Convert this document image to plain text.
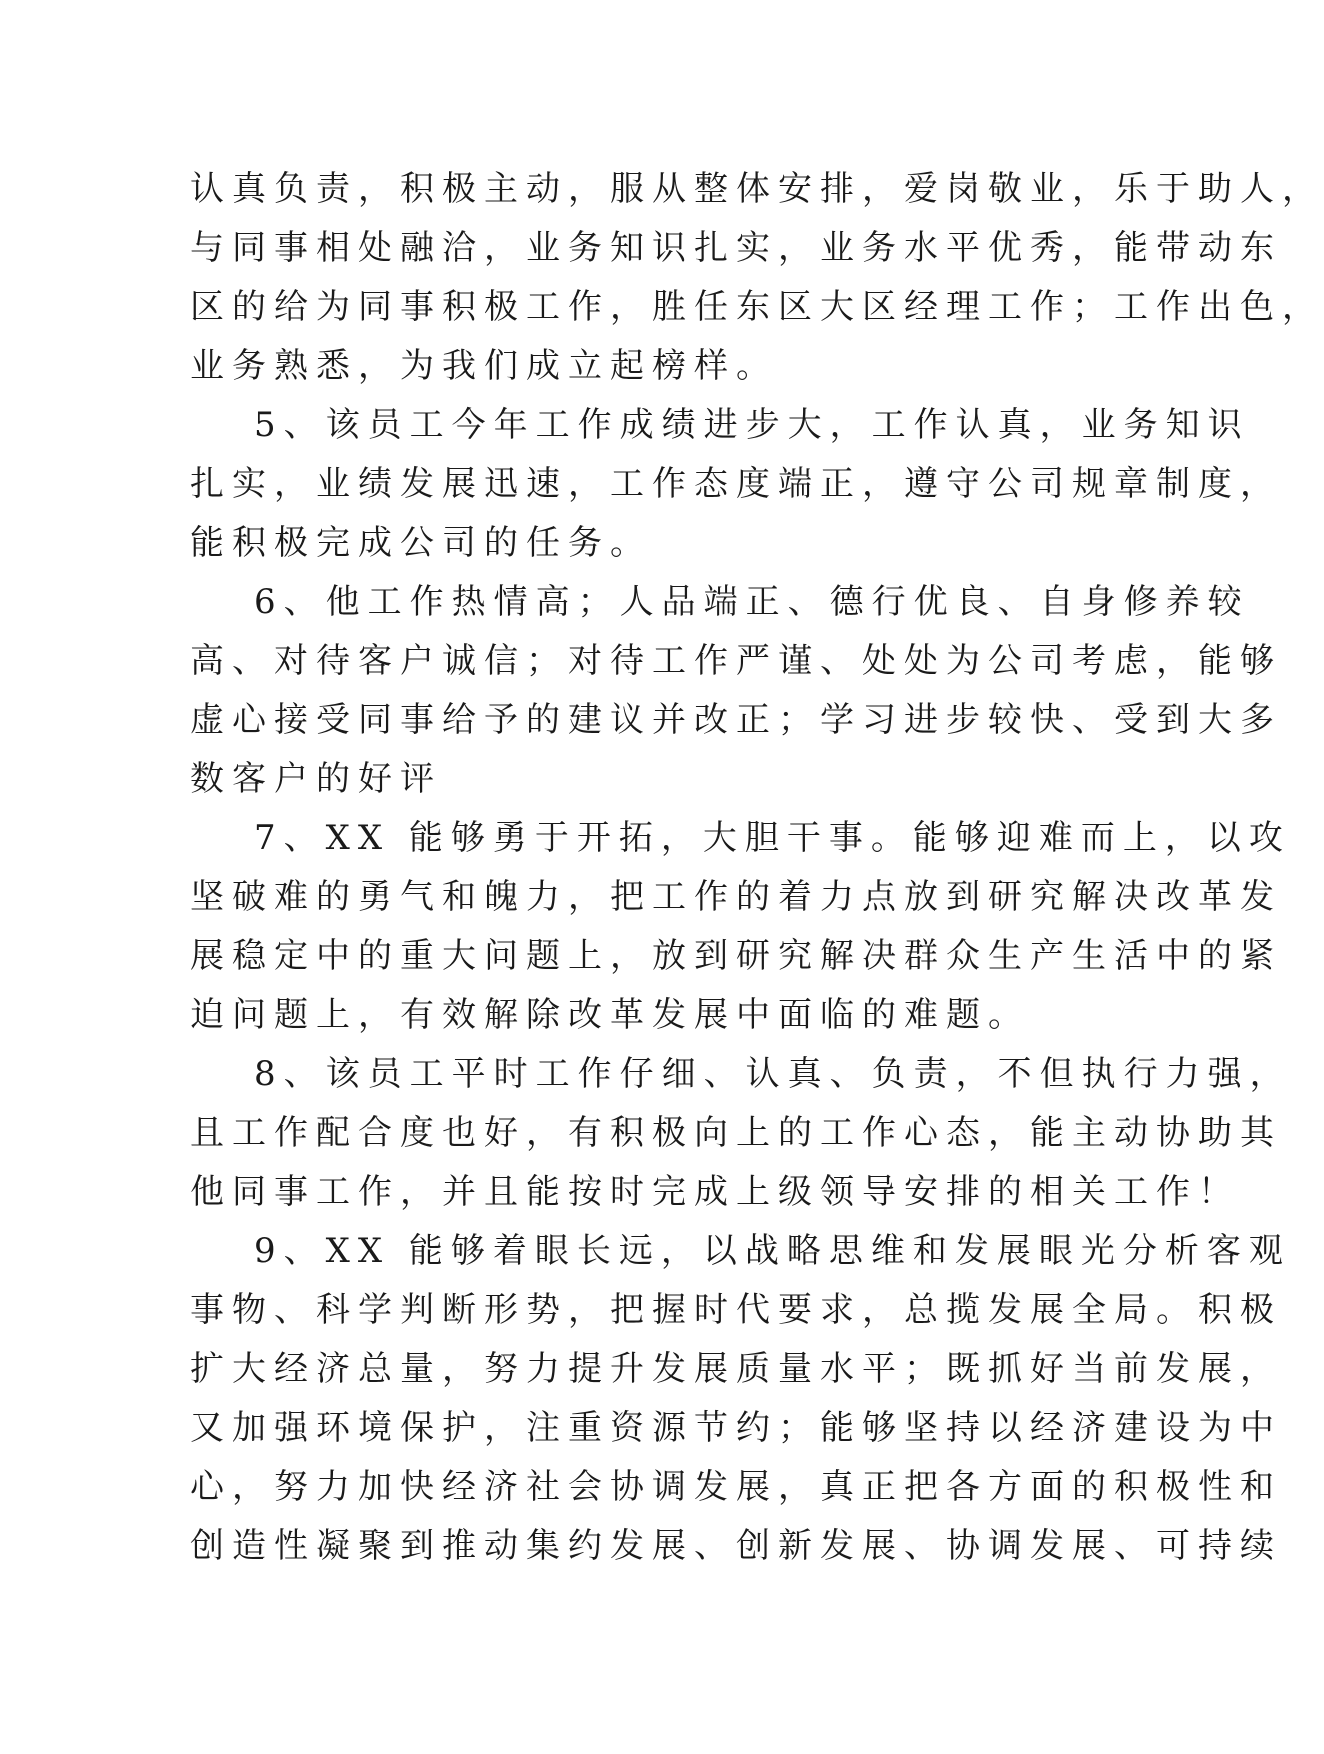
认真负责，积极主动，服从整体安排，爱岗敬业，乐于助人，
与同事相处融洽，业务知识扎实，业务水平优秀，能带动东
区的给为同事积极工作，胜任东区大区经理工作；工作出色，
业务熟悉，为我们成立起榜样。
5、该员工今年工作成绩进步大，工作认真，业务知识
扎实，业绩发展迅速，工作态度端正，遵守公司规章制度，
能积极完成公司的任务。
6、他工作热情高；人品端正、德行优良、自身修养较
高、对待客户诚信；对待工作严谨、处处为公司考虑，能够
虚心接受同事给予的建议并改正；学习进步较快、受到大多
数客户的好评
7、XX 能够勇于开拓，大胆干事。能够迎难而上，以攻
坚破难的勇气和魄力，把工作的着力点放到研究解决改革发
展稳定中的重大问题上，放到研究解决群众生产生活中的紧
迫问题上，有效解除改革发展中面临的难题。
8、该员工平时工作仔细、认真、负责，不但执行力强，
且工作配合度也好，有积极向上的工作心态，能主动协助其
他同事工作，并且能按时完成上级领导安排的相关工作！
9、XX 能够着眼长远，以战略思维和发展眼光分析客观
事物、科学判断形势，把握时代要求，总揽发展全局。积极
扩大经济总量，努力提升发展质量水平；既抓好当前发展，
又加强环境保护，注重资源节约；能够坚持以经济建设为中
心，努力加快经济社会协调发展，真正把各方面的积极性和
创造性凝聚到推动集约发展、创新发展、协调发展、可持续
